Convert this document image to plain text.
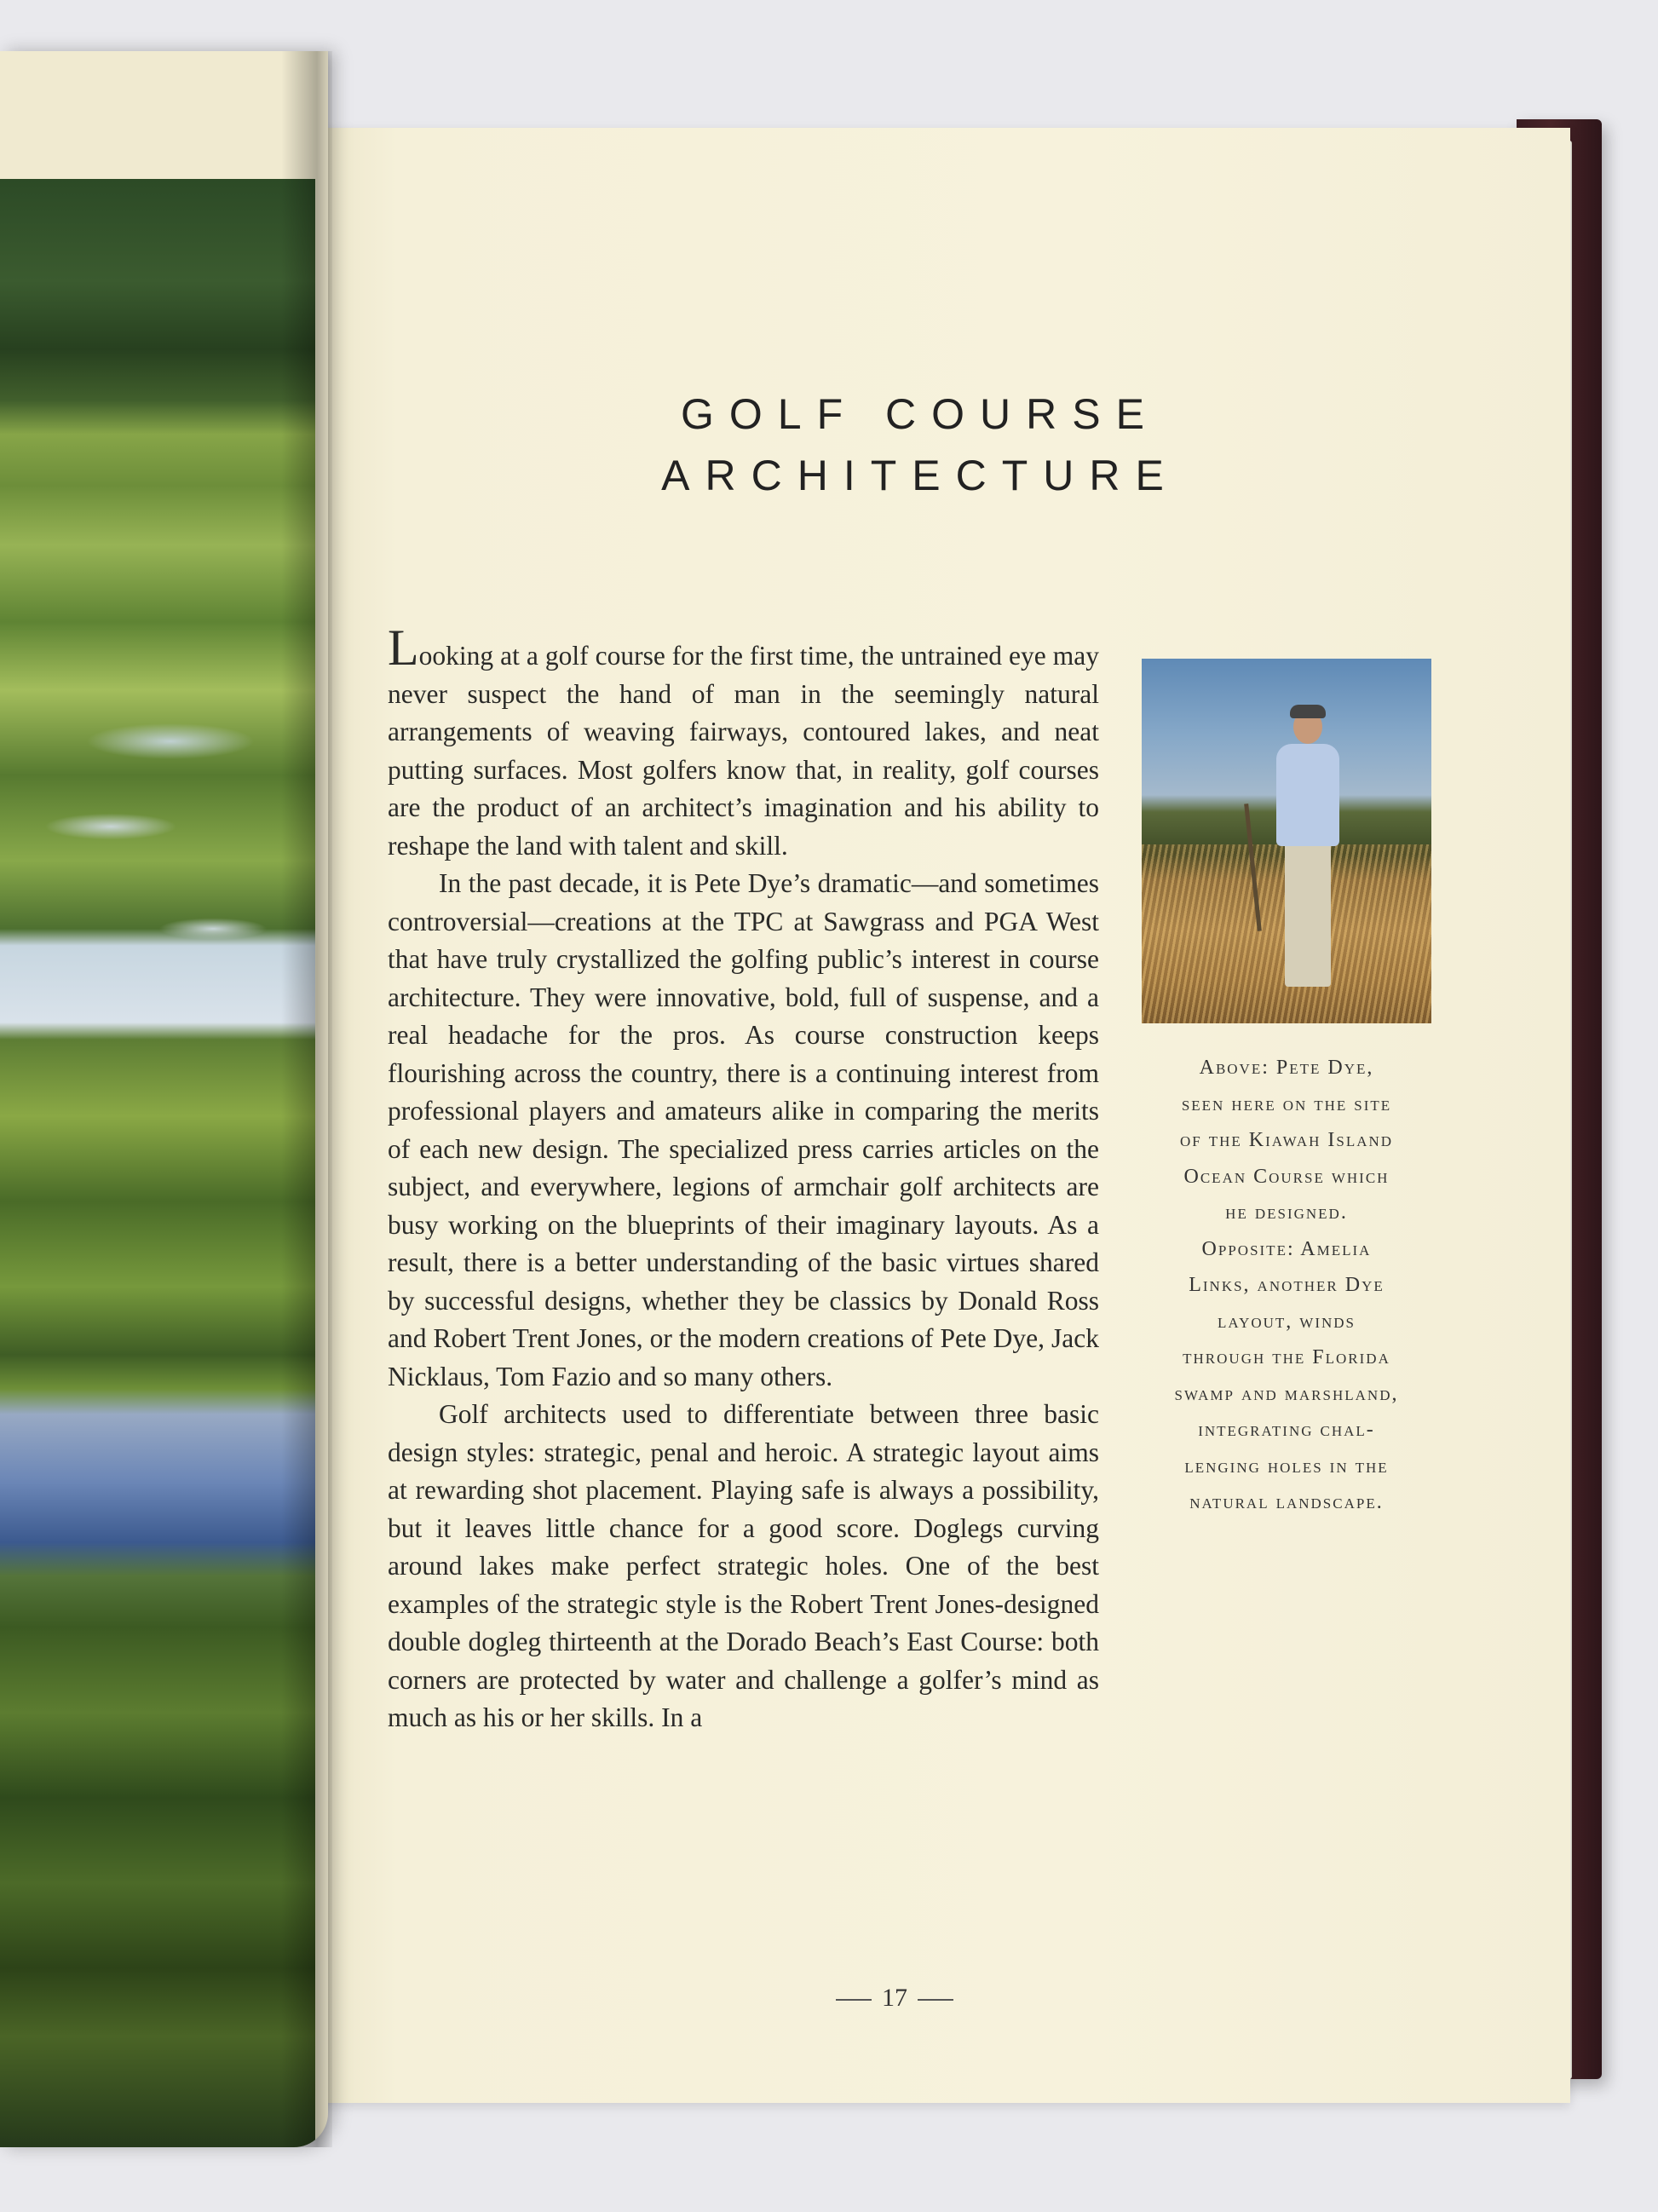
GOLF COURSE
ARCHITECTURE

Looking at a golf course for the first time, the untrained eye may never suspect the hand of man in the seemingly natural arrangements of weaving fairways, contoured lakes, and neat putting surfaces. Most golfers know that, in reality, golf courses are the product of an architect’s imagination and his ability to reshape the land with talent and skill.

In the past decade, it is Pete Dye’s dramatic—and sometimes controversial—creations at the TPC at Sawgrass and PGA West that have truly crystallized the golfing public’s interest in course architecture. They were innovative, bold, full of suspense, and a real headache for the pros. As course construction keeps flourishing across the country, there is a continuing interest from professional players and amateurs alike in comparing the merits of each new design. The specialized press carries articles on the subject, and everywhere, legions of armchair golf architects are busy working on the blueprints of their imaginary layouts. As a result, there is a better understanding of the basic virtues shared by successful designs, whether they be classics by Donald Ross and Robert Trent Jones, or the modern creations of Pete Dye, Jack Nicklaus, Tom Fazio and so many others.

Golf architects used to differentiate between three basic design styles: strategic, penal and heroic. A strategic layout aims at rewarding shot placement. Playing safe is always a possibility, but it leaves little chance for a good score. Doglegs curving around lakes make perfect strategic holes. One of the best examples of the strategic style is the Robert Trent Jones-designed double dogleg thirteenth at the Dorado Beach’s East Course: both corners are protected by water and challenge a golfer’s mind as much as his or her skills. In a

Above: Pete Dye,
seen here on the site
of the Kiawah Island
Ocean Course which
he designed.
Opposite: Amelia
Links, another Dye
layout, winds
through the Florida
swamp and marshland,
integrating chal-
lenging holes in the
natural landscape.
17
